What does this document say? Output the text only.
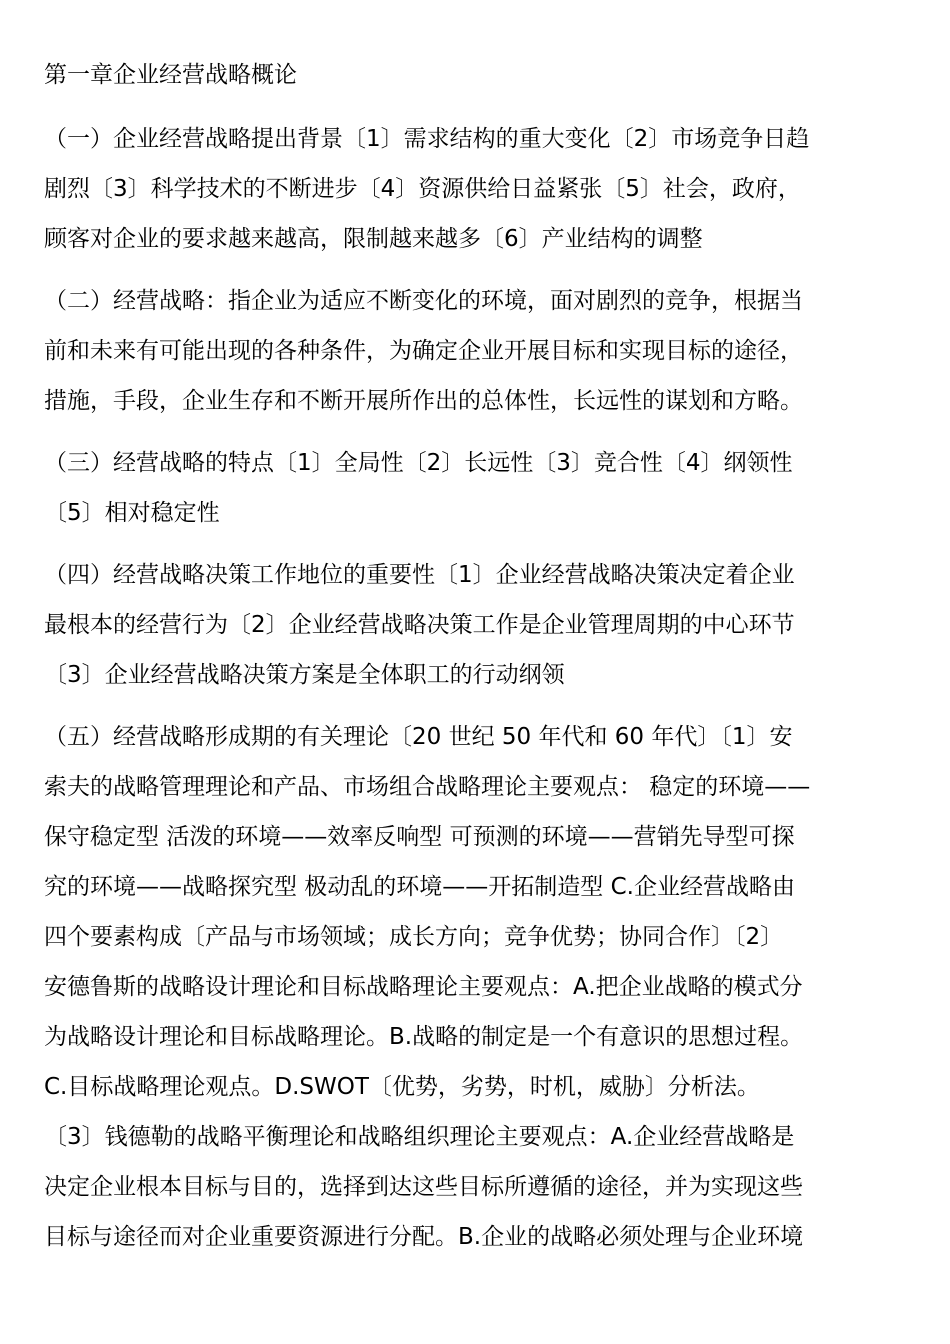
第一章企业经营战略概论
（一）企业经营战略提出背景〔1〕需求结构的重大变化〔2〕市场竞争日趋
剧烈〔3〕科学技术的不断进步〔4〕资源供给日益紧张〔5〕社会，政府，
顾客对企业的要求越来越高，限制越来越多〔6〕产业结构的调整
（二）经营战略：指企业为适应不断变化的环境，面对剧烈的竞争，根据当
前和未来有可能出现的各种条件，为确定企业开展目标和实现目标的途径，
措施，手段，企业生存和不断开展所作出的总体性，长远性的谋划和方略。
（三）经营战略的特点〔1〕全局性〔2〕长远性〔3〕竞合性〔4〕纲领性
〔5〕相对稳定性
（四）经营战略决策工作地位的重要性〔1〕企业经营战略决策决定着企业
最根本的经营行为〔2〕企业经营战略决策工作是企业管理周期的中心环节
〔3〕企业经营战略决策方案是全体职工的行动纲领
（五）经营战略形成期的有关理论〔20 世纪 50 年代和 60 年代〕〔1〕安
索夫的战略管理理论和产品、市场组合战略理论主要观点： 稳定的环境——
保守稳定型 活泼的环境——效率反响型 可预测的环境——营销先导型可探
究的环境——战略探究型 极动乱的环境——开拓制造型 C.企业经营战略由
四个要素构成〔产品与市场领域；成长方向；竞争优势；协同合作〕〔2〕
安德鲁斯的战略设计理论和目标战略理论主要观点：A.把企业战略的模式分
为战略设计理论和目标战略理论。B.战略的制定是一个有意识的思想过程。
C.目标战略理论观点。D.SWOT〔优势，劣势，时机，威胁〕分析法。
〔3〕钱德勒的战略平衡理论和战略组织理论主要观点：A.企业经营战略是
决定企业根本目标与目的，选择到达这些目标所遵循的途径，并为实现这些
目标与途径而对企业重要资源进行分配。B.企业的战略必须处理与企业环境
